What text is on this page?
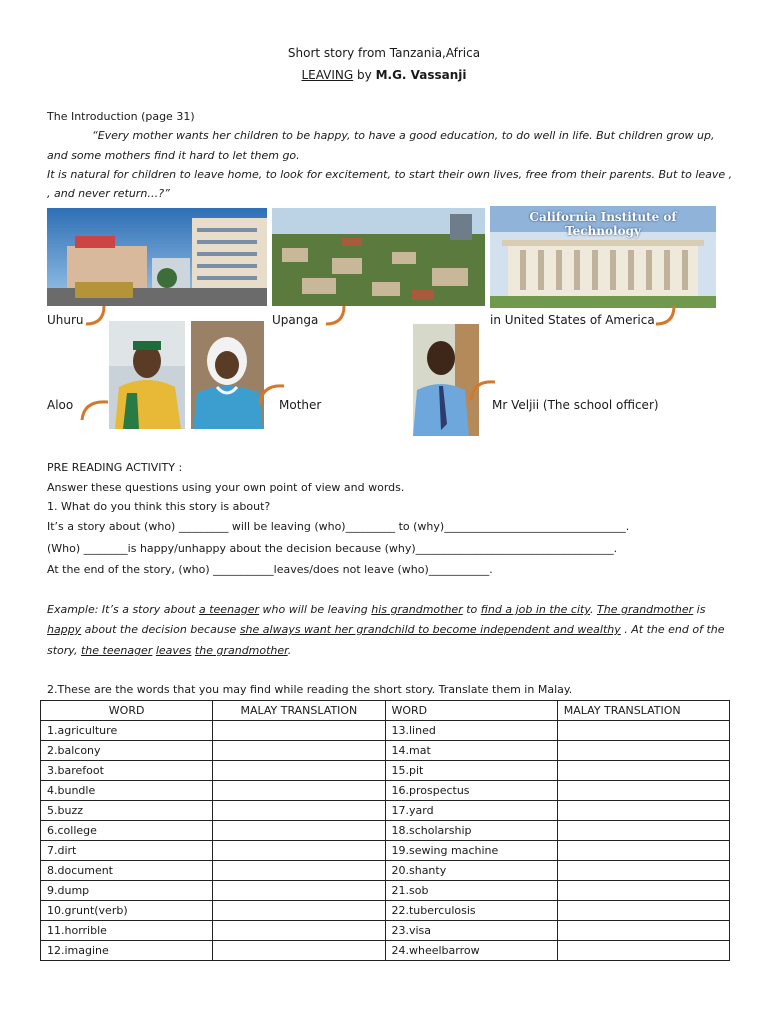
Short story from Tanzania,Africa
LEAVING by M.G. Vassanji
The Introduction (page 31)
“Every mother wants her children to be happy, to have a good education, to do well in life. But children grow up,
and some mothers find it hard to let them go.
It is natural for children to leave home, to look for excitement, to start their own lives, free from their parents. But to leave ,
, and never return…?”
Uhuru	Upanga
California Institute of Technology
in United States of America
Aloo	Mother	Mr Veljii (The school officer)
PRE READING ACTIVITY :
Answer these questions using your own point of view and words.
1. What do you think this story is about?
It’s a story about (who) _________ will be leaving (who)_________ to (why)_________________________________.
(Who) ________is happy/unhappy about the decision because (why)____________________________________.
At the end of the story, (who) ___________leaves/does not leave (who)___________.
Example: It’s a story about a teenager who will be leaving his grandmother to find a job in the city. The grandmother is
happy about the decision because she always want her grandchild to become independent and wealthy . At the end of the
story, the teenager leaves the grandmother.
2.These are the words that you may find while reading the short story. Translate them in Malay.
WORD	MALAY TRANSLATION	WORD	MALAY TRANSLATION
1.agriculture		13.lined	
2.balcony		14.mat	
3.barefoot		15.pit	
4.bundle		16.prospectus	
5.buzz		17.yard	
6.college		18.scholarship	
7.dirt		19.sewing machine	
8.document		20.shanty	
9.dump		21.sob	
10.grunt(verb)		22.tuberculosis	
11.horrible		23.visa	
12.imagine		24.wheelbarrow	
